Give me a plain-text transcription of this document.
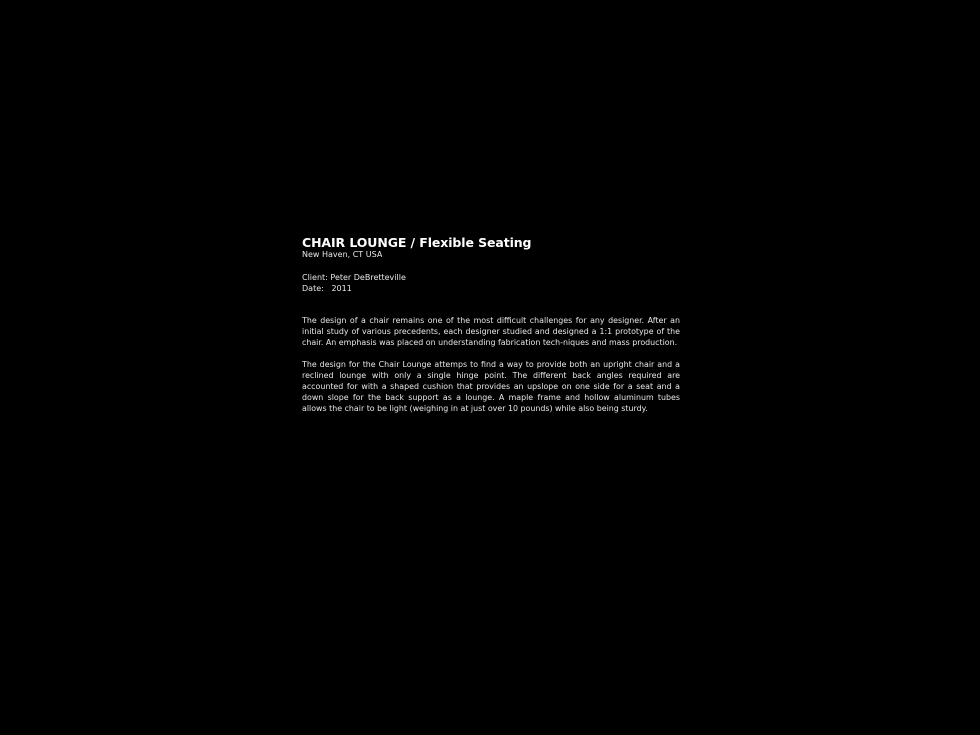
CHAIR LOUNGE / Flexible Seating

New Haven, CT USA

Client: Peter DeBretteville
Date: 2011

The design of a chair remains one of the most difficult challenges for any designer. After an initial study of various precedents, each designer studied and designed a 1:1 prototype of the chair. An emphasis was placed on understanding fabrication tech-niques and mass production.

The design for the Chair Lounge attemps to find a way to provide both an upright chair and a reclined lounge with only a single hinge point. The different back angles required are accounted for with a shaped cushion that provides an upslope on one side for a seat and a down slope for the back support as a lounge. A maple frame and hollow aluminum tubes allows the chair to be light (weighing in at just over 10 pounds) while also being sturdy.
